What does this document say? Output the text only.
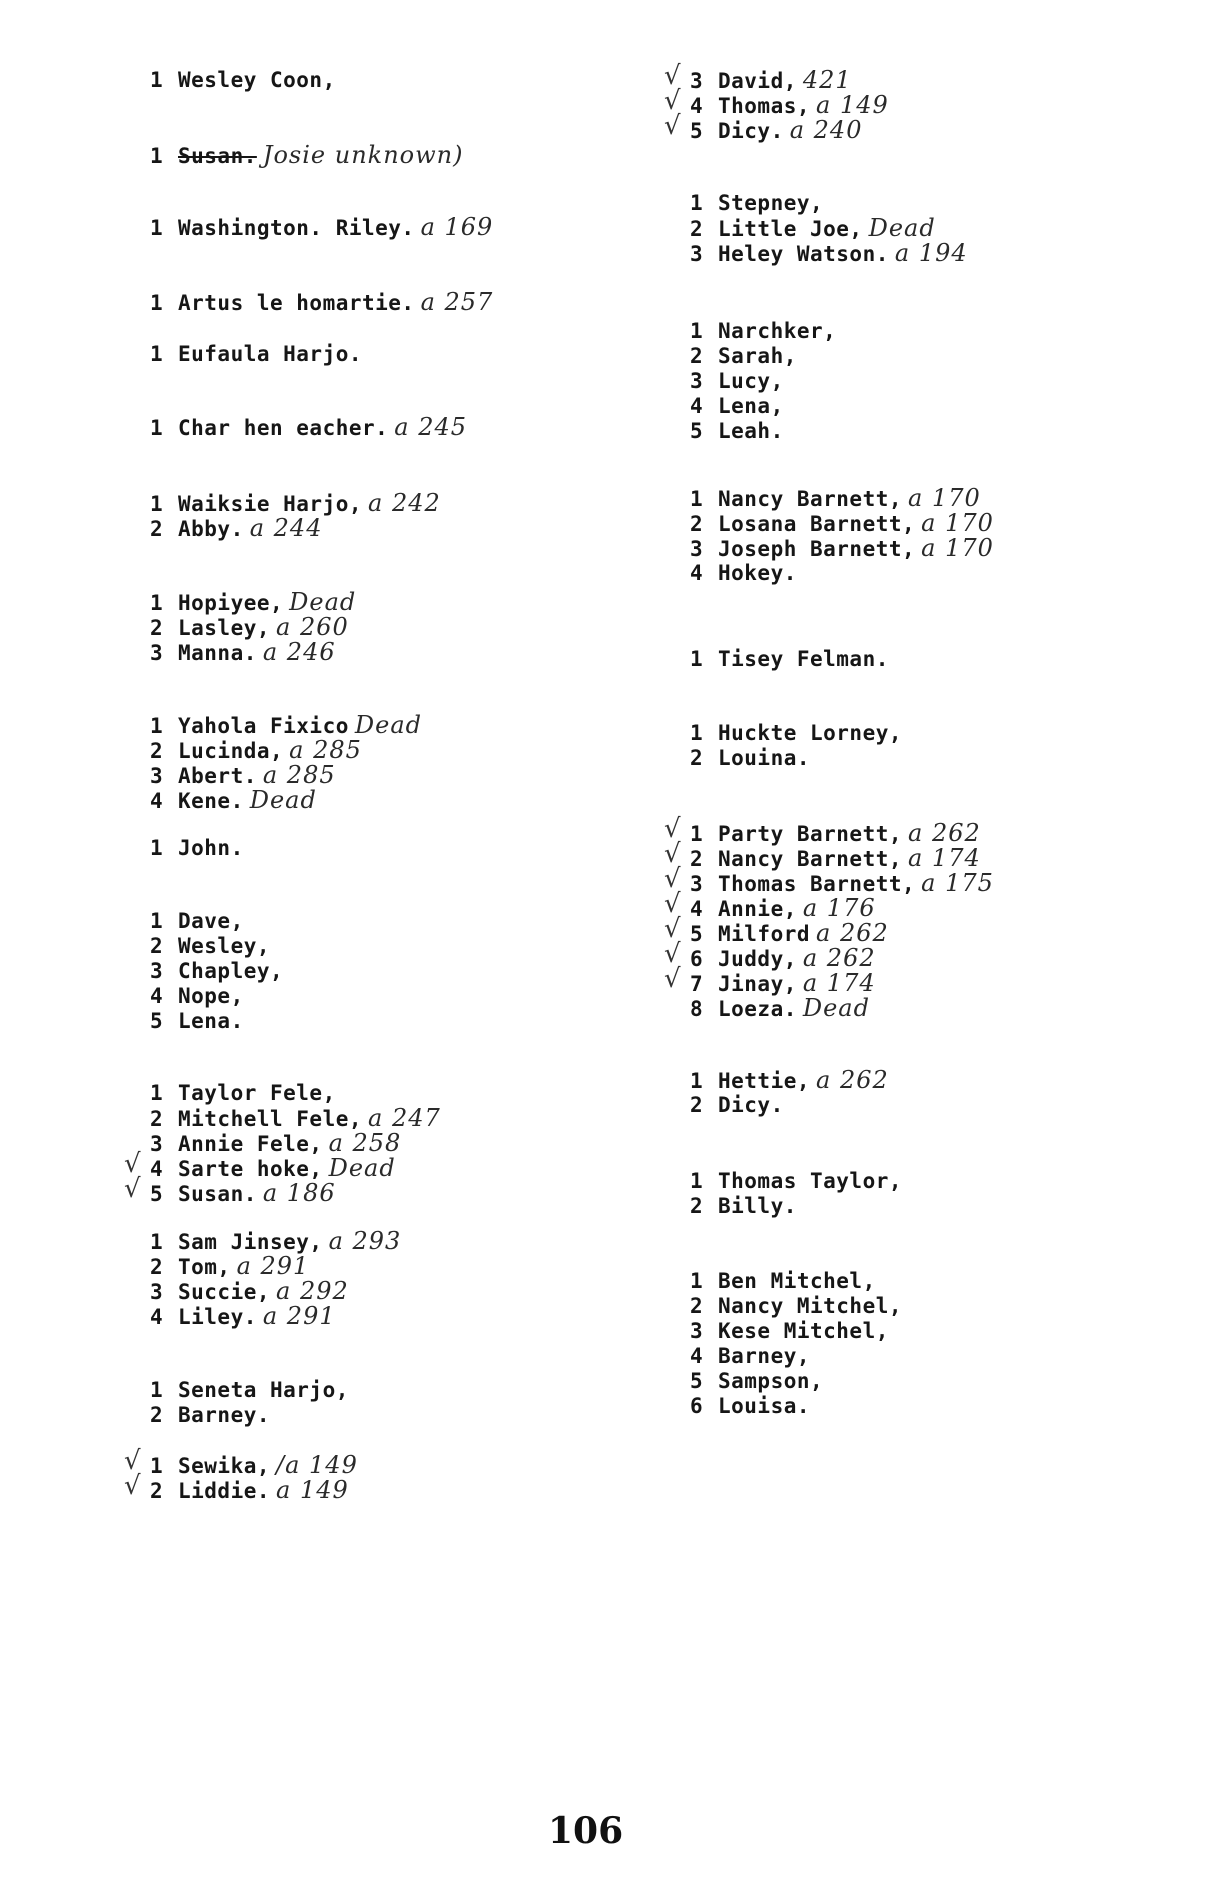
1 Wesley Coon,
1 Susan. Josie unknown)
1 Washington. Riley. a 169
1 Artus le homartie. a 257
1 Eufaula Harjo.
1 Char hen eacher. a 245
1 Waiksie Harjo, a 242
2 Abby. a 244
1 Hopiyee, Dead
2 Lasley, a 260
3 Manna. a 246
1 Yahola Fixico Dead
2 Lucinda, a 285
3 Abert. a 285
4 Kene. Dead
1 John.
1 Dave,
2 Wesley,
3 Chapley,
4 Nope,
5 Lena.
1 Taylor Fele,
2 Mitchell Fele, a 247
3 Annie Fele, a 258
√ 4 Sarte hoke, Dead
√ 5 Susan. a 186
1 Sam Jinsey, a 293
2 Tom, a 291
3 Succie, a 292
4 Liley. a 291
1 Seneta Harjo,
2 Barney.
√ 1 Sewika, /a 149
√ 2 Liddie. a 149
√ 3 David, 421
√ 4 Thomas, a 149
√ 5 Dicy. a 240
1 Stepney,
2 Little Joe, Dead
3 Heley Watson. a 194
1 Narchker,
2 Sarah,
3 Lucy,
4 Lena,
5 Leah.
1 Nancy Barnett, a 170
2 Losana Barnett, a 170
3 Joseph Barnett, a 170
4 Hokey.
1 Tisey Felman.
1 Huckte Lorney,
2 Louina.
√ 1 Party Barnett, a 262
√ 2 Nancy Barnett, a 174
√ 3 Thomas Barnett, a 175
√ 4 Annie, a 176
√ 5 Milford a 262
√ 6 Juddy, a 262
√ 7 Jinay, a 174
8 Loeza. Dead
1 Hettie, a 262
2 Dicy.
1 Thomas Taylor,
2 Billy.
1 Ben Mitchel,
2 Nancy Mitchel,
3 Kese Mitchel,
4 Barney,
5 Sampson,
6 Louisa.
106
